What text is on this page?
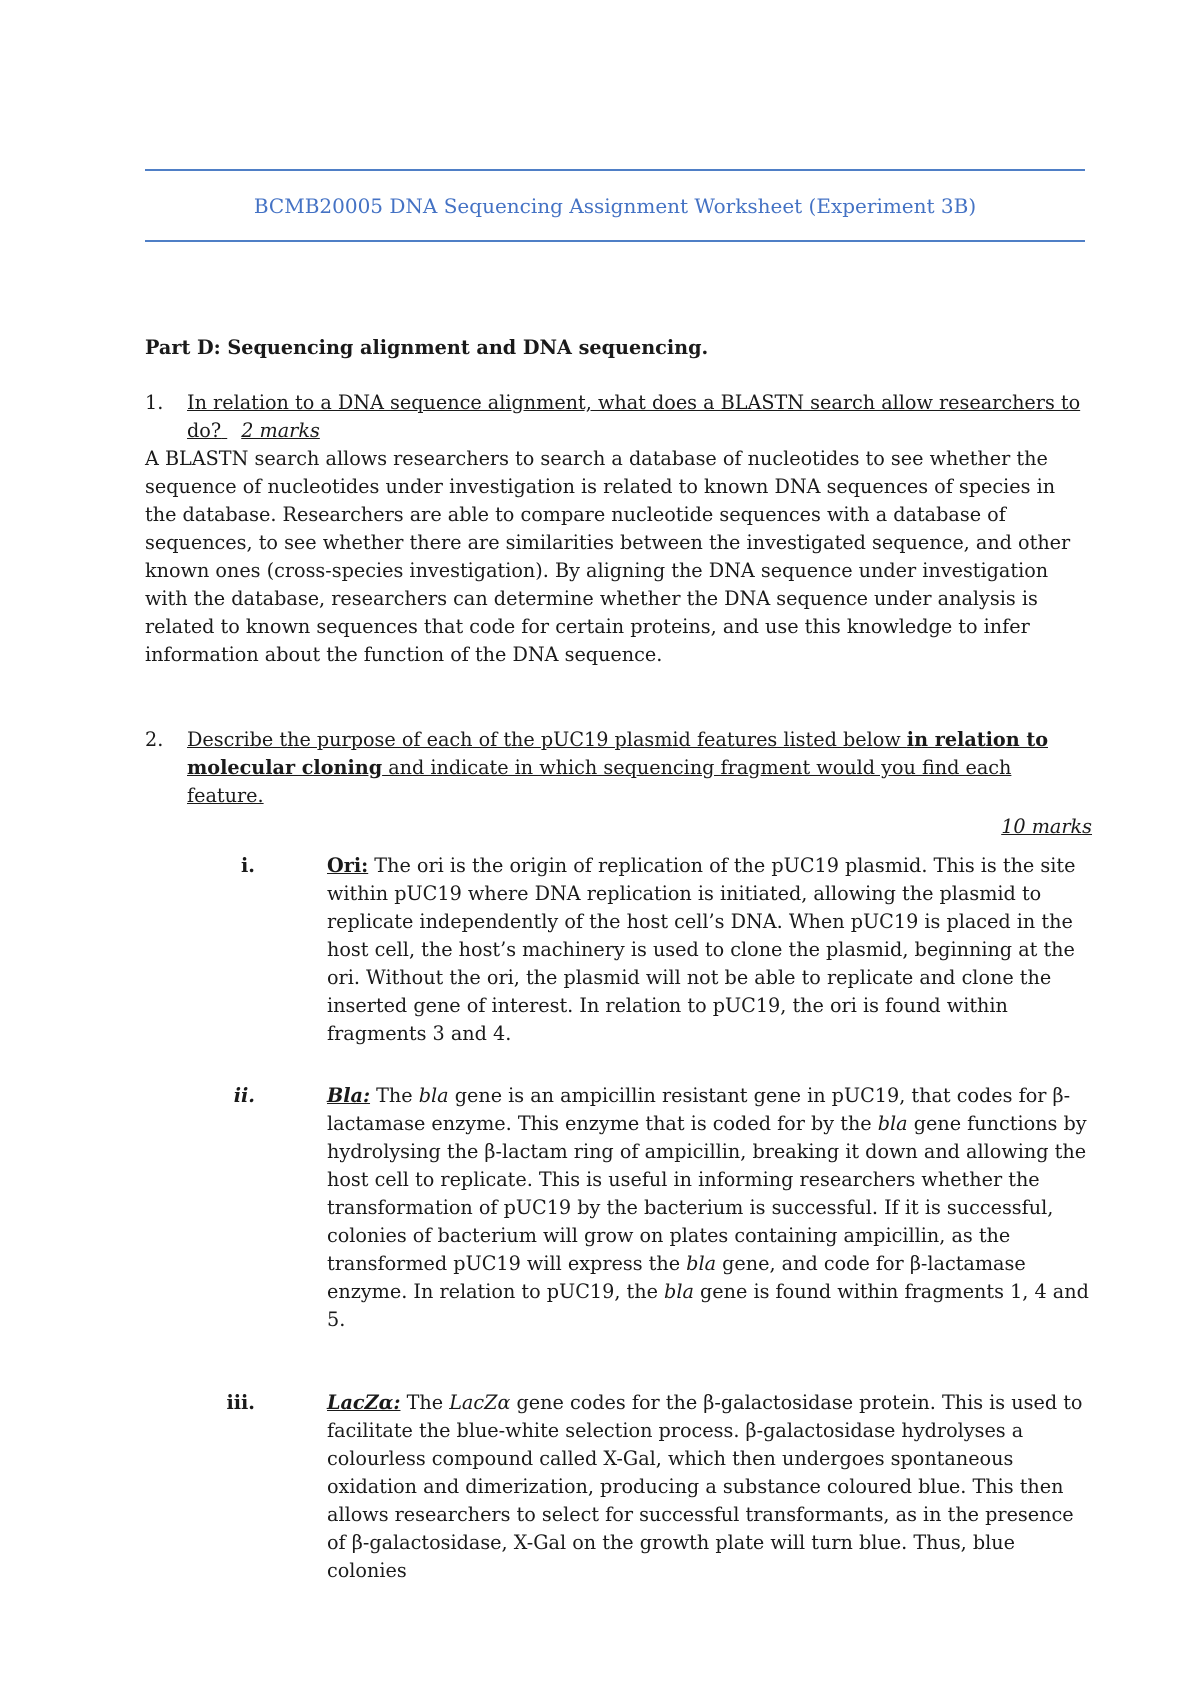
BCMB20005 DNA Sequencing Assignment Worksheet (Experiment 3B)
Part D: Sequencing alignment and DNA sequencing.
1. In relation to a DNA sequence alignment, what does a BLASTN search allow researchers to do? 2 marks
A BLASTN search allows researchers to search a database of nucleotides to see whether the sequence of nucleotides under investigation is related to known DNA sequences of species in the database. Researchers are able to compare nucleotide sequences with a database of sequences, to see whether there are similarities between the investigated sequence, and other known ones (cross-species investigation). By aligning the DNA sequence under investigation with the database, researchers can determine whether the DNA sequence under analysis is related to known sequences that code for certain proteins, and use this knowledge to infer information about the function of the DNA sequence.
2. Describe the purpose of each of the pUC19 plasmid features listed below in relation to molecular cloning and indicate in which sequencing fragment would you find each feature.
10 marks
i.	Ori: The ori is the origin of replication of the pUC19 plasmid. This is the site within pUC19 where DNA replication is initiated, allowing the plasmid to replicate independently of the host cell’s DNA. When pUC19 is placed in the host cell, the host’s machinery is used to clone the plasmid, beginning at the ori. Without the ori, the plasmid will not be able to replicate and clone the inserted gene of interest. In relation to pUC19, the ori is found within fragments 3 and 4.
ii.	Bla: The bla gene is an ampicillin resistant gene in pUC19, that codes for β-lactamase enzyme. This enzyme that is coded for by the bla gene functions by hydrolysing the β-lactam ring of ampicillin, breaking it down and allowing the host cell to replicate. This is useful in informing researchers whether the transformation of pUC19 by the bacterium is successful. If it is successful, colonies of bacterium will grow on plates containing ampicillin, as the transformed pUC19 will express the bla gene, and code for β-lactamase enzyme. In relation to pUC19, the bla gene is found within fragments 1, 4 and 5.
iii.	LacZα: The LacZα gene codes for the β-galactosidase protein. This is used to facilitate the blue-white selection process. β-galactosidase hydrolyses a colourless compound called X-Gal, which then undergoes spontaneous oxidation and dimerization, producing a substance coloured blue. This then allows researchers to select for successful transformants, as in the presence of β-galactosidase, X-Gal on the growth plate will turn blue. Thus, blue colonies
